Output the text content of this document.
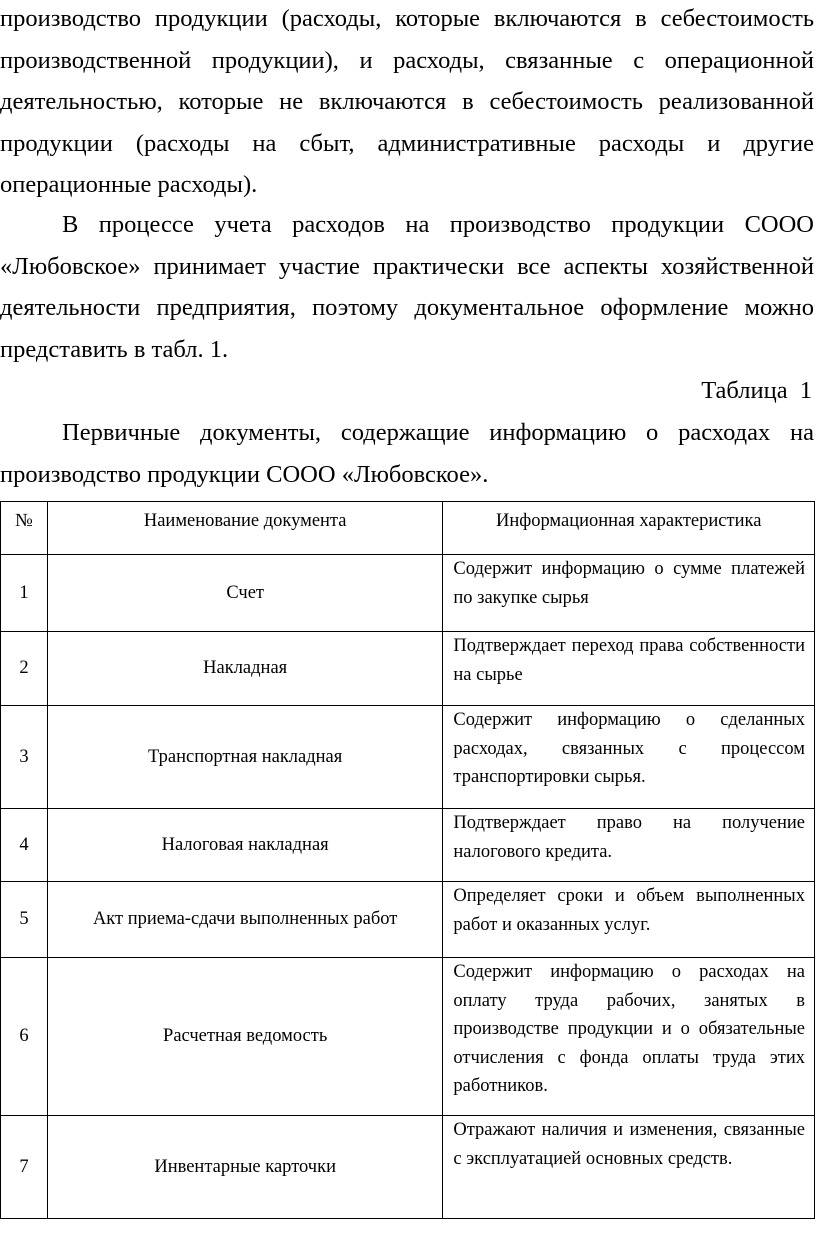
производство продукции (расходы, которые включаются в себестоимость производственной продукции), и расходы, связанные с операционной деятельностью, которые не включаются в себестоимость реализованной продукции (расходы на сбыт, административные расходы и другие операционные расходы).

В процессе учета расходов на производство продукции СООО «Любовское» принимает участие практически все аспекты хозяйственной деятельности предприятия, поэтому документальное оформление можно представить в табл. 1.

Таблица 1

Первичные документы, содержащие информацию о расходах на производство продукции СООО «Любовское».

№	Наименование документа	Информационная характеристика
1	Счет	Содержит информацию о сумме платежей по закупке сырья
2	Накладная	Подтверждает переход права собственности на сырье
3	Транспортная накладная	Содержит информацию о сделанных расходах, связанных с процессом транспортировки сырья.
4	Налоговая накладная	Подтверждает право на получение налогового кредита.
5	Акт приема-сдачи выполненных работ	Определяет сроки и объем выполненных работ и оказанных услуг.
6	Расчетная ведомость	Содержит информацию о расходах на оплату труда рабочих, занятых в производстве продукции и о обязательные отчисления с фонда оплаты труда этих работников.
7	Инвентарные карточки	Отражают наличия и изменения, связанные с эксплуатацией основных средств.
